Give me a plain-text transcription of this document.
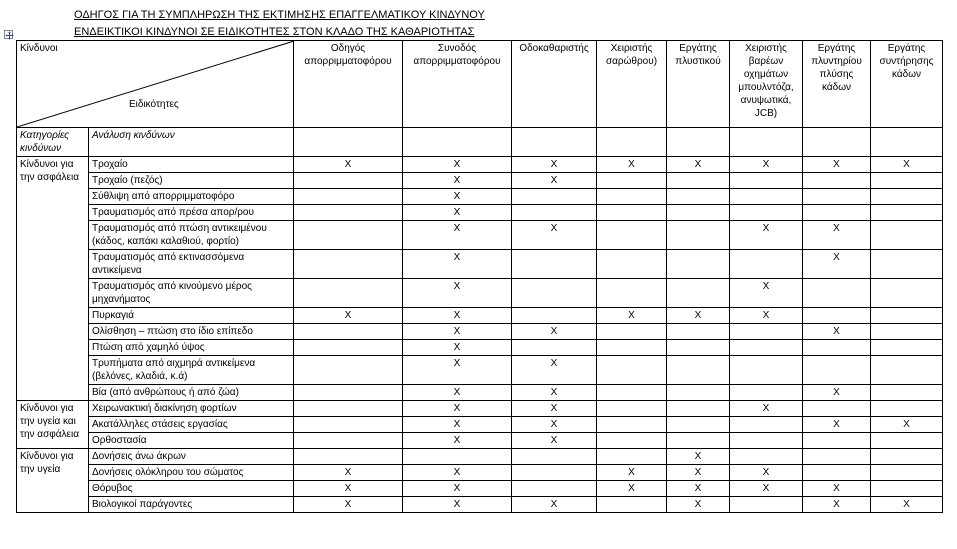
ΟΔΗΓΟΣ ΓΙΑ ΤΗ ΣΥΜΠΛΗΡΩΣΗ ΤΗΣ ΕΚΤΙΜΗΣΗΣ ΕΠΑΓΓΕΛΜΑΤΙΚΟΥ ΚΙΝΔΥΝΟΥ
ΕΝΔΕΙΚΤΙΚΟΙ ΚΙΝΔΥΝΟΙ ΣΕ ΕΙΔΙΚΟΤΗΤΕΣ ΣΤΟΝ ΚΛΑΔΟ ΤΗΣ ΚΑΘΑΡΙΟΤΗΤΑΣ
Κίνδυνοι
Ειδικότητες		Οδηγός απορριμματοφόρου	Συνοδός απορριμματοφόρου	Οδοκαθαριστής	Χειριστής σαρώθρου)	Εργάτης πλυστικού	Χειριστής βαρέων οχημάτων μπουλντόζα, ανυψωτικά, JCB)	Εργάτης πλυντηρίου πλύσης κάδων	Εργάτης συντήρησης κάδων
Κατηγορίες κινδύνων	Ανάλυση κινδύνων								
Κίνδυνοι για την ασφάλεια	Τροχαίο	X	X	X	X	X	X	X	X
	Τροχαίο (πεζός)		X	X					
	Σύθλιψη από απορριμματοφόρο		X						
	Τραυματισμός από πρέσα απορ/ρου		X						
	Τραυματισμός από πτώση αντικειμένου (κάδος, καπάκι καλαθιού, φορτίο)		X	X			X	X	
	Τραυματισμός από εκτινασσόμενα αντικείμενα		X					X	
	Τραυματισμός από κινούμενο μέρος μηχανήματος		X				X		
	Πυρκαγιά	X	X		X	X	X		
	Ολίσθηση – πτώση στο ίδιο επίπεδο		X	X				X	
	Πτώση από χαμηλό ύψος		X						
	Τρυπήματα από αιχμηρά αντικείμενα (βελόνες, κλαδιά, κ.ά)		X	X					
	Βία (από ανθρώπους ή από ζώα)		X	X				X	
Κίνδυνοι για την υγεία και την ασφάλεια	Χειρωνακτική διακίνηση φορτίων		X	X			X		
	Ακατάλληλες στάσεις εργασίας		X	X				X	X
	Ορθοστασία		X	X					
Κίνδυνοι για την υγεία	Δονήσεις άνω άκρων					X			
	Δονήσεις ολόκληρου του σώματος	X	X		X	X	X		
	Θόρυβος	X	X		X	X	X	X	
	Βιολογικοί παράγοντες	X	X	X		X		X	X
